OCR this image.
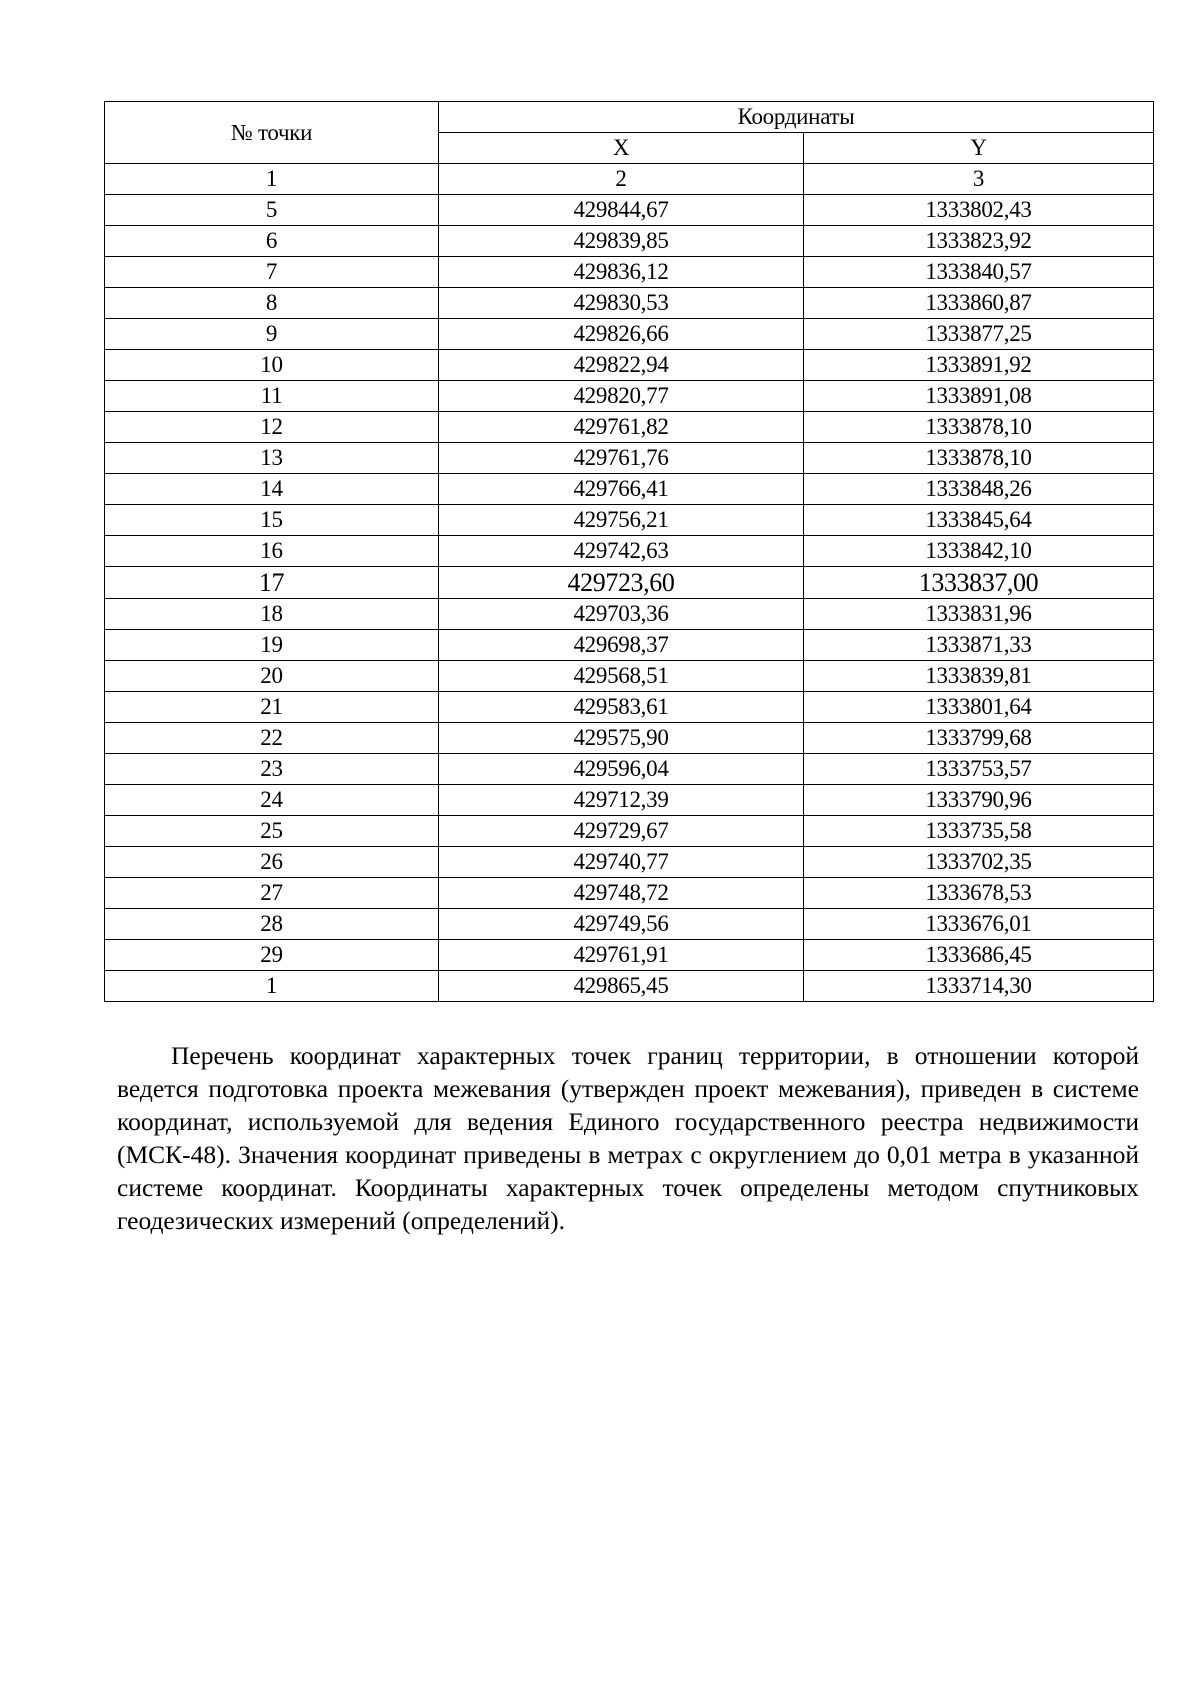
№ точки	Координаты	
	X	Y
1	2	3
5	429844,67	1333802,43
6	429839,85	1333823,92
7	429836,12	1333840,57
8	429830,53	1333860,87
9	429826,66	1333877,25
10	429822,94	1333891,92
11	429820,77	1333891,08
12	429761,82	1333878,10
13	429761,76	1333878,10
14	429766,41	1333848,26
15	429756,21	1333845,64
16	429742,63	1333842,10
17	429723,60	1333837,00
18	429703,36	1333831,96
19	429698,37	1333871,33
20	429568,51	1333839,81
21	429583,61	1333801,64
22	429575,90	1333799,68
23	429596,04	1333753,57
24	429712,39	1333790,96
25	429729,67	1333735,58
26	429740,77	1333702,35
27	429748,72	1333678,53
28	429749,56	1333676,01
29	429761,91	1333686,45
1	429865,45	1333714,30

Перечень координат характерных точек границ территории, в отношении которой ведется подготовка проекта межевания (утвержден проект межевания), приведен в системе координат, используемой для ведения Единого государственного реестра недвижимости (МСК-48). Значения координат приведены в метрах с округлением до 0,01 метра в указанной системе координат. Координаты характерных точек определены методом спутниковых геодезических измерений (определений).
